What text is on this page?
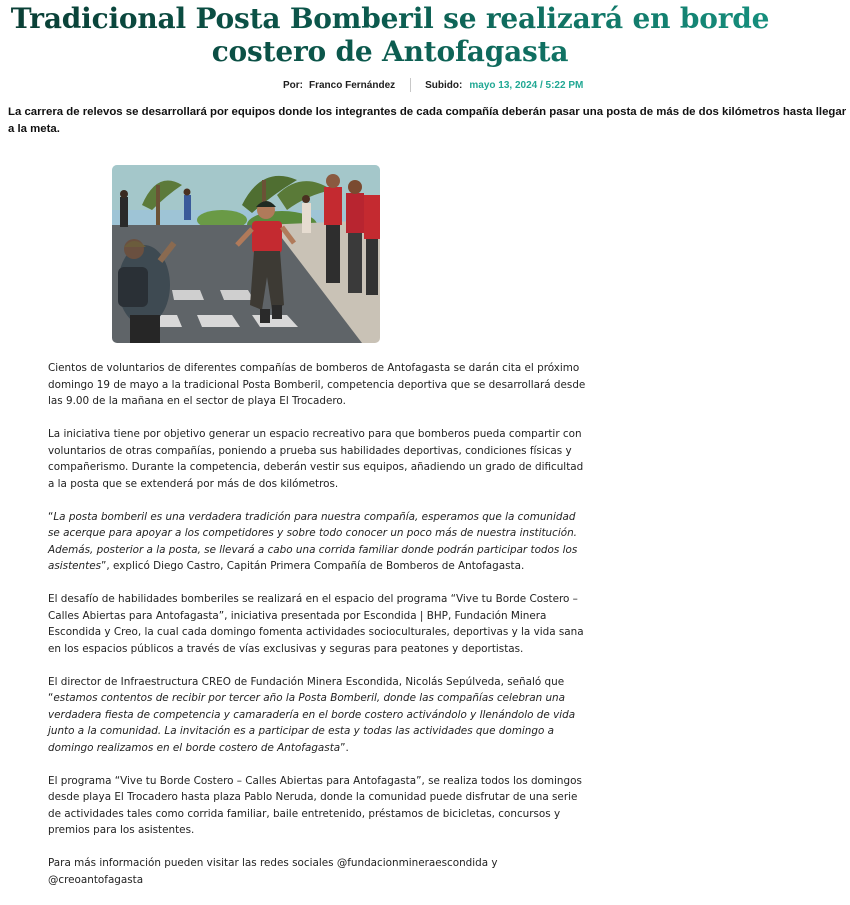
Tradicional Posta Bomberil se realizará en borde costero de Antofagasta
Por: Franco Fernández	Subido: mayo 13, 2024 / 5:22 PM

La carrera de relevos se desarrollará por equipos donde los integrantes de cada compañía deberán pasar una posta de más de dos kilómetros hasta llegar a la meta.

Cientos de voluntarios de diferentes compañías de bomberos de Antofagasta se darán cita el próximo domingo 19 de mayo a la tradicional Posta Bomberil, competencia deportiva que se desarrollará desde las 9.00 de la mañana en el sector de playa El Trocadero.

La iniciativa tiene por objetivo generar un espacio recreativo para que bomberos pueda compartir con voluntarios de otras compañías, poniendo a prueba sus habilidades deportivas, condiciones físicas y compañerismo. Durante la competencia, deberán vestir sus equipos, añadiendo un grado de dificultad a la posta que se extenderá por más de dos kilómetros.

“La posta bomberil es una verdadera tradición para nuestra compañía, esperamos que la comunidad se acerque para apoyar a los competidores y sobre todo conocer un poco más de nuestra institución. Además, posterior a la posta, se llevará a cabo una corrida familiar donde podrán participar todos los asistentes”, explicó Diego Castro, Capitán Primera Compañía de Bomberos de Antofagasta.

El desafío de habilidades bomberiles se realizará en el espacio del programa “Vive tu Borde Costero – Calles Abiertas para Antofagasta”, iniciativa presentada por Escondida | BHP, Fundación Minera Escondida y Creo, la cual cada domingo fomenta actividades socioculturales, deportivas y la vida sana en los espacios públicos a través de vías exclusivas y seguras para peatones y deportistas.

El director de Infraestructura CREO de Fundación Minera Escondida, Nicolás Sepúlveda, señaló que “estamos contentos de recibir por tercer año la Posta Bomberil, donde las compañías celebran una verdadera fiesta de competencia y camaradería en el borde costero activándolo y llenándolo de vida junto a la comunidad. La invitación es a participar de esta y todas las actividades que domingo a domingo realizamos en el borde costero de Antofagasta”.

El programa “Vive tu Borde Costero – Calles Abiertas para Antofagasta”, se realiza todos los domingos desde playa El Trocadero hasta plaza Pablo Neruda, donde la comunidad puede disfrutar de una serie de actividades tales como corrida familiar, baile entretenido, préstamos de bicicletas, concursos y premios para los asistentes.

Para más información pueden visitar las redes sociales @fundacionmineraescondida y @creoantofagasta
